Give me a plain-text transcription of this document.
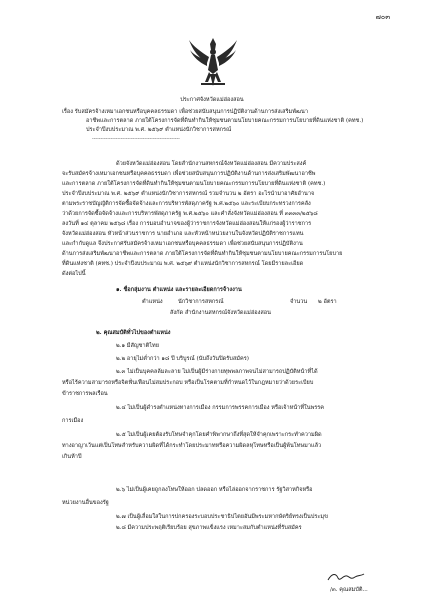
๗๐๓
ประกาศจังหวัดแม่ฮ่องสอน
เรื่อง รับสมัครจ้างเหมาเอกชนหรือบุคคลธรรมดา เพื่อช่วยสนับสนุนการปฏิบัติงานด้านการส่งเสริมพัฒนา
อาชีพและการตลาด ภายใต้โครงการจัดที่ดินทำกินให้ชุมชนตามนโยบายคณะกรรมการนโยบายที่ดินแห่งชาติ (คทช.)
ประจำปีงบประมาณ พ.ศ. ๒๕๖๙ ตำแหน่งนักวิชาการสหกรณ์
----------------------------------------------------
ด้วยจังหวัดแม่ฮ่องสอน โดยสำนักงานสหกรณ์จังหวัดแม่ฮ่องสอน มีความประสงค์
จะรับสมัครจ้างเหมาเอกชนหรือบุคคลธรรมดา เพื่อช่วยสนับสนุนการปฏิบัติงานด้านการส่งเสริมพัฒนาอาชีพ
และการตลาด ภายใต้โครงการจัดที่ดินทำกินให้ชุมชนตามนโยบายคณะกรรมการนโยบายที่ดินแห่งชาติ (คทช.)
ประจำปีงบประมาณ พ.ศ. ๒๕๖๙ ตำแหน่งนักวิชาการสหกรณ์ รวมจำนวน ๒ อัตรา อะไรนำมาอาศัยอำนาจ
ตามพระราชบัญญัติการจัดซื้อจัดจ้างและการบริหารพัสดุภาครัฐ พ.ศ.๒๕๖๐ และระเบียบกระทรวงการคลัง
ว่าด้วยการจัดซื้อจัดจ้างและการบริหารพัสดุภาครัฐ พ.ศ.๒๕๖๐ และคำสั่งจังหวัดแม่ฮ่องสอน ที่ ๓๓๓๓/๒๕๖๘
ลงวันที่ ๑๔ ตุลาคม ๒๕๖๘ เรื่อง การมอบอำนาจของผู้ว่าราชการจังหวัดแม่ฮ่องสอนให้แก่รองผู้ว่าราชการ
จังหวัดแม่ฮ่องสอน หัวหน้าส่วนราชการ นายอำเภอ และหัวหน้าหน่วยงานในจังหวัดปฏิบัติราชการแทน
และกำกับดูแล จึงประกาศรับสมัครจ้างเหมาเอกชนหรือบุคคลธรรมดา เพื่อช่วยสนับสนุนการปฏิบัติงาน
ด้านการส่งเสริมพัฒนาอาชีพและการตลาด ภายใต้โครงการจัดที่ดินทำกินให้ชุมชนตามนโยบายคณะกรรมการนโยบาย
ที่ดินแห่งชาติ (คทช.) ประจำปีงบประมาณ พ.ศ. ๒๕๖๙ ตำแหน่งนักวิชาการสหกรณ์ โดยมีรายละเอียด
ดังต่อไปนี้
๑. ชื่อกลุ่มงาน ตำแหน่ง และรายละเอียดการจ้างงาน
ตำแหน่ง	นักวิชาการสหกรณ์	จำนวน ๒ อัตรา
สังกัด สำนักงานสหกรณ์จังหวัดแม่ฮ่องสอน
๒. คุณสมบัติทั่วไปของตำแหน่ง
๒.๑ มีสัญชาติไทย
๒.๒ อายุไม่ต่ำกว่า ๑๘ ปี บริบูรณ์ (นับถึงวันปิดรับสมัคร)
๒.๓ ไม่เป็นบุคคลล้มละลาย ไม่เป็นผู้มีร่างกายทุพพลภาพจนไม่สามารถปฏิบัติหน้าที่ได้
หรือไร้ความสามารถหรือจิตฟั่นเฟือนไม่สมประกอบ หรือเป็นโรคตามที่กำหนดไว้ในกฎหมายว่าด้วยระเบียบ
ข้าราชการพลเรือน
๒.๔ ไม่เป็นผู้ดำรงตำแหน่งทางการเมือง กรรมการพรรคการเมือง หรือเจ้าหน้าที่ในพรรค
การเมือง
๒.๕ ไม่เป็นผู้เคยต้องรับโทษจำคุกโดยคำพิพากษาถึงที่สุดให้จำคุกเพราะกระทำความผิด
ทางอาญาเว้นแต่เป็นโทษสำหรับความผิดที่ได้กระทำโดยประมาทหรือความผิดลหุโทษหรือเป็นผู้พ้นโทษมาแล้ว
เกินห้าปี
๒.๖ ไม่เป็นผู้เคยถูกลงโทษให้ออก ปลดออก หรือไล่ออกจากราชการ รัฐวิสาหกิจหรือ
หน่วยงานอื่นของรัฐ
๒.๗ เป็นผู้เลื่อมใสในการปกครองระบอบประชาธิปไตยอันมีพระมหากษัตริย์ทรงเป็นประมุข
๒.๘ มีความประพฤติเรียบร้อย สุขภาพแข็งแรง เหมาะสมกับตำแหน่งที่รับสมัคร
/๓. คุณสมบัติ...
